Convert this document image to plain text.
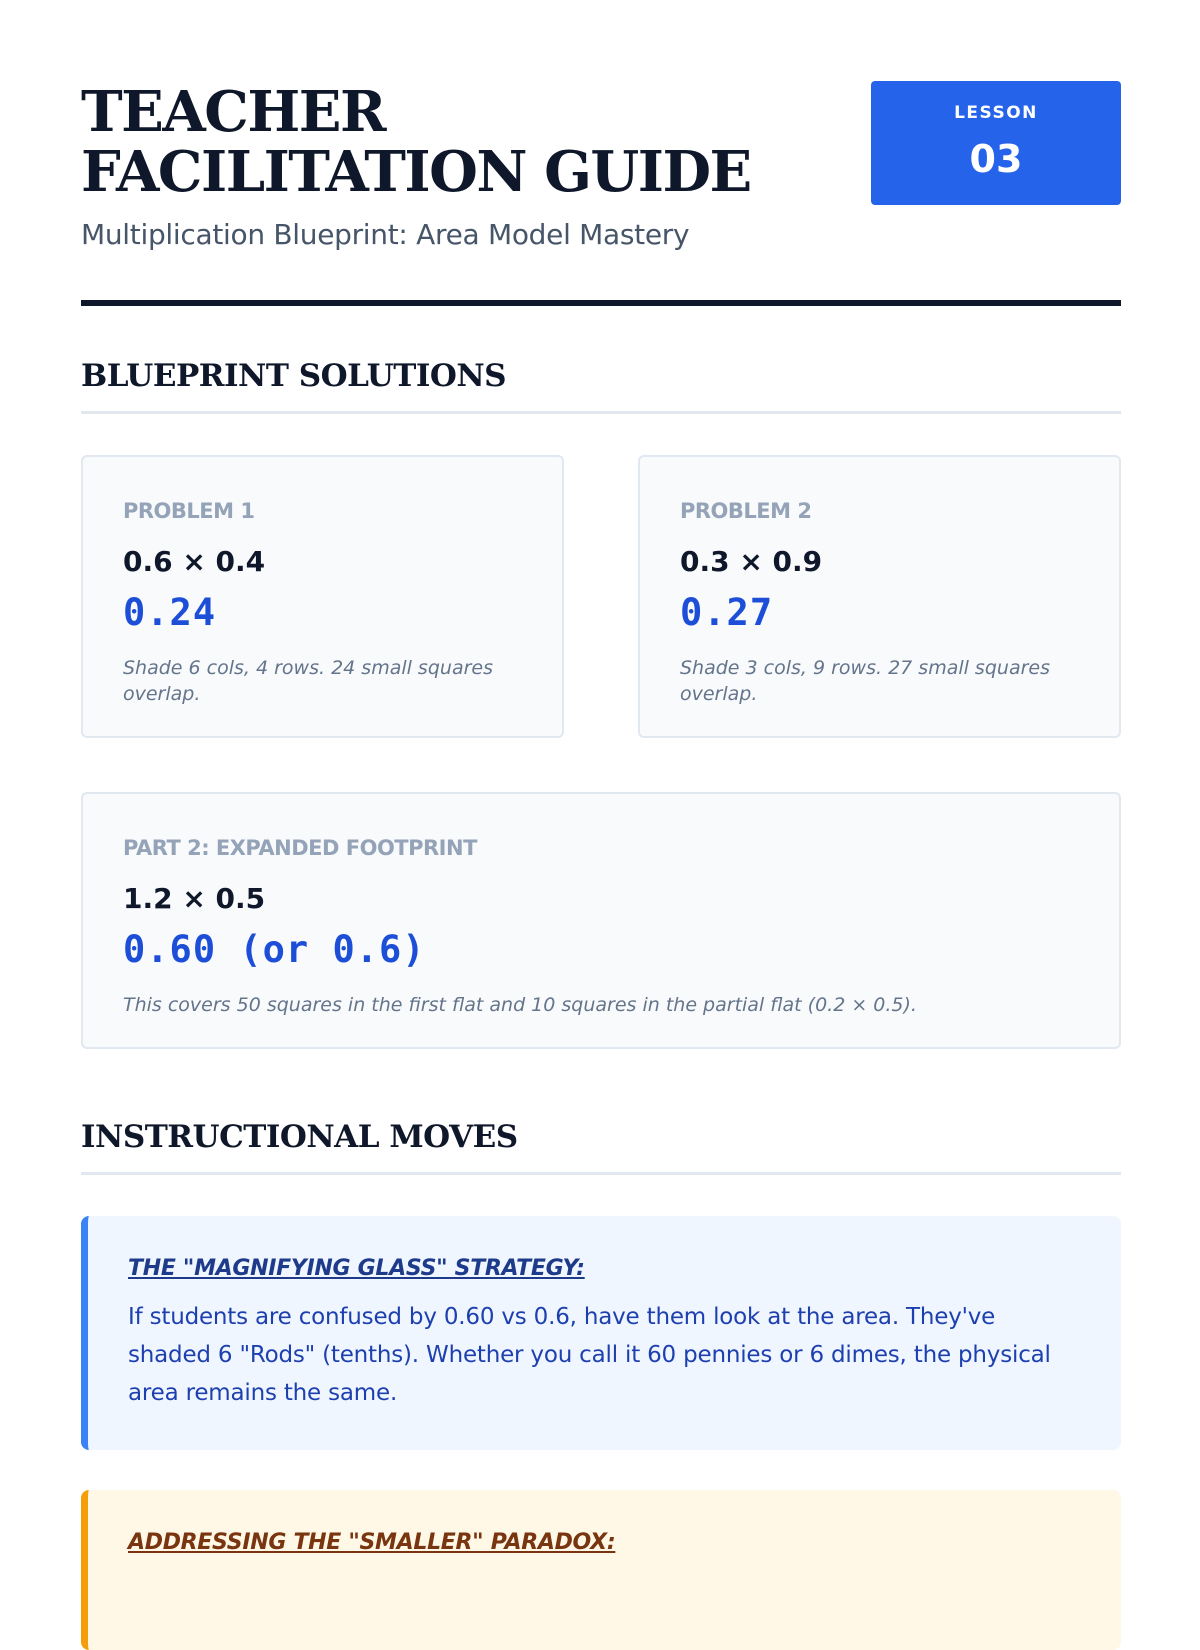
TEACHER FACILITATION GUIDE
Multiplication Blueprint: Area Model Mastery
LESSON
03
BLUEPRINT SOLUTIONS
PROBLEM 1
0.6 × 0.4
0.24
Shade 6 cols, 4 rows. 24 small squares overlap.
PROBLEM 2
0.3 × 0.9
0.27
Shade 3 cols, 9 rows. 27 small squares overlap.
PART 2: EXPANDED FOOTPRINT
1.2 × 0.5
0.60 (or 0.6)
This covers 50 squares in the first flat and 10 squares in the partial flat (0.2 × 0.5).
INSTRUCTIONAL MOVES
THE "MAGNIFYING GLASS" STRATEGY:
If students are confused by 0.60 vs 0.6, have them look at the area. They've shaded 6 "Rods" (tenths). Whether you call it 60 pennies or 6 dimes, the physical area remains the same.
ADDRESSING THE "SMALLER" PARADOX:
